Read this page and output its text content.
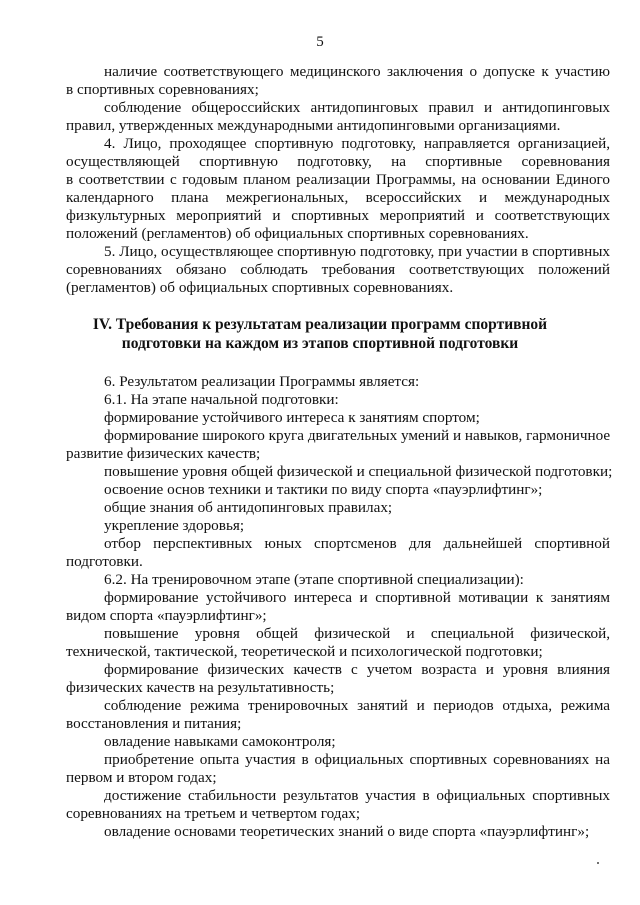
5
наличие соответствующего медицинского заключения о допуске к участию
в спортивных соревнованиях;
соблюдение общероссийских антидопинговых правил и антидопинговых
правил, утвержденных международными антидопинговыми организациями.
4. Лицо, проходящее спортивную подготовку, направляется организацией,
осуществляющей спортивную подготовку, на спортивные соревнования
в соответствии с годовым планом реализации Программы, на основании Единого
календарного плана межрегиональных, всероссийских и международных
физкультурных мероприятий и спортивных мероприятий и соответствующих
положений (регламентов) об официальных спортивных соревнованиях.
5. Лицо, осуществляющее спортивную подготовку, при участии в спортивных
соревнованиях обязано соблюдать требования соответствующих положений
(регламентов) об официальных спортивных соревнованиях.
IV. Требования к результатам реализации программ спортивной
подготовки на каждом из этапов спортивной подготовки
6. Результатом реализации Программы является:
6.1. На этапе начальной подготовки:
формирование устойчивого интереса к занятиям спортом;
формирование широкого круга двигательных умений и навыков, гармоничное
развитие физических качеств;
повышение уровня общей физической и специальной физической подготовки;
освоение основ техники и тактики по виду спорта «пауэрлифтинг»;
общие знания об антидопинговых правилах;
укрепление здоровья;
отбор перспективных юных спортсменов для дальнейшей спортивной
подготовки.
6.2. На тренировочном этапе (этапе спортивной специализации):
формирование устойчивого интереса и спортивной мотивации к занятиям
видом спорта «пауэрлифтинг»;
повышение уровня общей физической и специальной физической,
технической, тактической, теоретической и психологической подготовки;
формирование физических качеств с учетом возраста и уровня влияния
физических качеств на результативность;
соблюдение режима тренировочных занятий и периодов отдыха, режима
восстановления и питания;
овладение навыками самоконтроля;
приобретение опыта участия в официальных спортивных соревнованиях на
первом и втором годах;
достижение стабильности результатов участия в официальных спортивных
соревнованиях на третьем и четвертом годах;
овладение основами теоретических знаний о виде спорта «пауэрлифтинг»;
